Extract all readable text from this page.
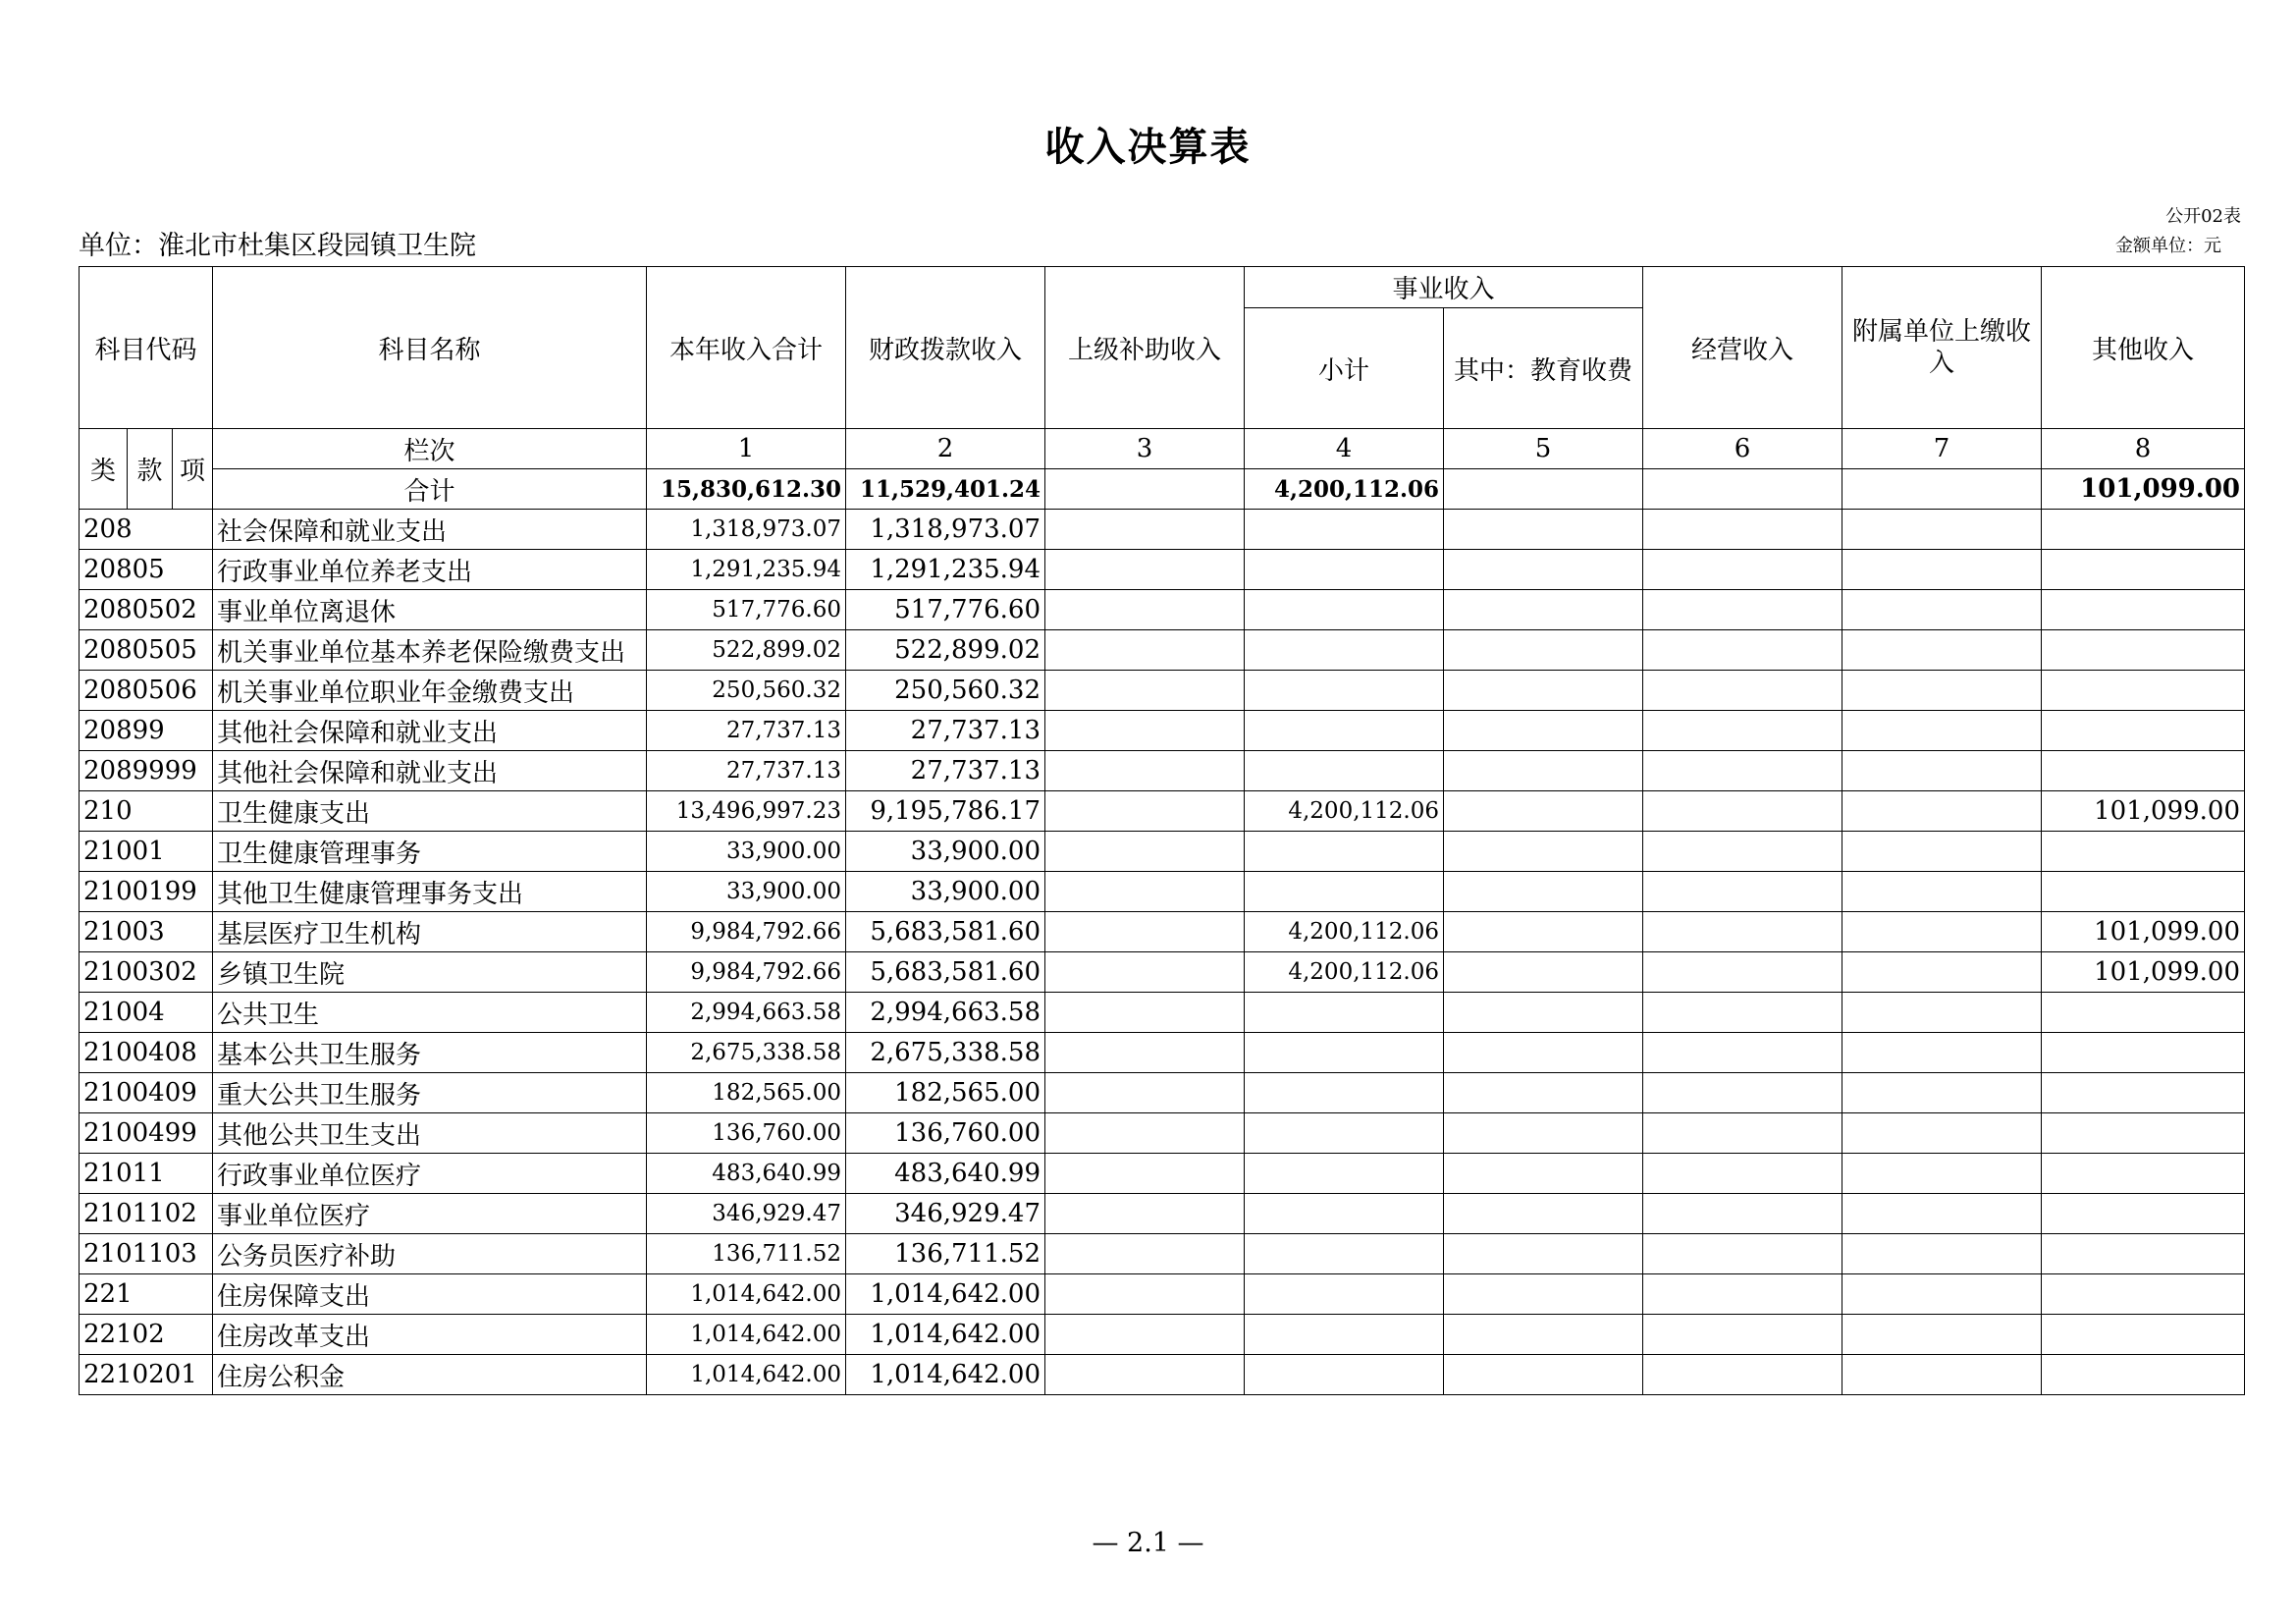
收入决算表
公开02表
单位：淮北市杜集区段园镇卫生院	金额单位：元
科目代码			科目名称	本年收入合计	财政拨款收入	上级补助收入	事业收入		经营收入	附属单位上缴收入	其他收入
							小计	其中：教育收费			
类	款	项	栏次	1	2	3	4	5	6	7	8
			合计	15,830,612.30	11,529,401.24		4,200,112.06				101,099.00
208			社会保障和就业支出	1,318,973.07	1,318,973.07						
20805			行政事业单位养老支出	1,291,235.94	1,291,235.94						
2080502			事业单位离退休	517,776.60	517,776.60						
2080505			机关事业单位基本养老保险缴费支出	522,899.02	522,899.02						
2080506			机关事业单位职业年金缴费支出	250,560.32	250,560.32						
20899			其他社会保障和就业支出	27,737.13	27,737.13						
2089999			其他社会保障和就业支出	27,737.13	27,737.13						
210			卫生健康支出	13,496,997.23	9,195,786.17		4,200,112.06				101,099.00
21001			卫生健康管理事务	33,900.00	33,900.00						
2100199			其他卫生健康管理事务支出	33,900.00	33,900.00						
21003			基层医疗卫生机构	9,984,792.66	5,683,581.60		4,200,112.06				101,099.00
2100302			乡镇卫生院	9,984,792.66	5,683,581.60		4,200,112.06				101,099.00
21004			公共卫生	2,994,663.58	2,994,663.58						
2100408			基本公共卫生服务	2,675,338.58	2,675,338.58						
2100409			重大公共卫生服务	182,565.00	182,565.00						
2100499			其他公共卫生支出	136,760.00	136,760.00						
21011			行政事业单位医疗	483,640.99	483,640.99						
2101102			事业单位医疗	346,929.47	346,929.47						
2101103			公务员医疗补助	136,711.52	136,711.52						
221			住房保障支出	1,014,642.00	1,014,642.00						
22102			住房改革支出	1,014,642.00	1,014,642.00						
2210201			住房公积金	1,014,642.00	1,014,642.00						
— 2.1 —
